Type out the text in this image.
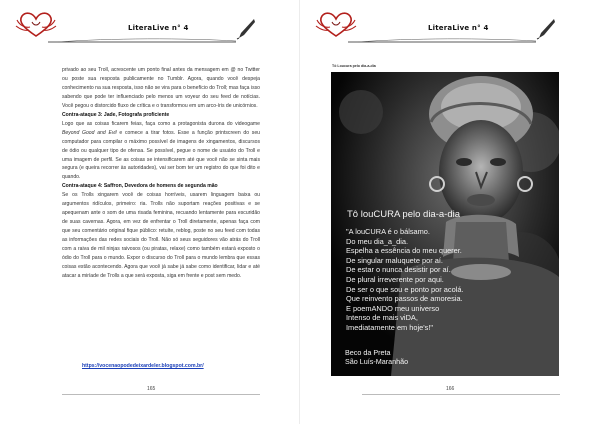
LiteraLive n° 4

privado ao seu Troll, acrescente um ponto final antes da mensagem em @ no Twitter ou poste sua resposta publicamente no Tumblr. Agora, quando você despeja conhecimento na sua resposta, isso não se vira para o benefício do Troll; mas faça isso sabendo que pode ter influenciado pelo menos um voyeur do seu feed de notícias. Você pegou o distorcido fluxo de crítica e o transformou em um arco-íris de unicórnios.

Contra-ataque 3: Jade, Fotografa proficiente

Logo que as coisas ficarem feias, faça como a protagonista durona do videogame Beyond Good and Evil e comece a tirar fotos. Esse a função printscreen do seu computador para compilar o máximo possível de imagens de xingamentos, discursos de ódio ou qualquer tipo de ofensa. Se possível, pegue o nome de usuário do Troll e uma imagem de perfil. Se as coisas se intensificarem até que você não se sinta mais segura (e queira recorrer às autoridades), vai ser bom ter um registro do que foi dito e quando.

Contra-ataque 4: Saffron, Devedora de homens de segunda mão

Se os Trolls xingarem você de coisas horríveis, usarem linguagem baixa ou argumentos ridículos, primeiro: ria. Trolls não suportam reações positivas e se apequenam ante o som de uma risada feminina, recuando lentamente para escuridão de suas cavernas. Agora, em vez de enfrentar o Troll diretamente, apenas faça com que seu comentário original fique público: retuíte, reblog, poste no seu feed com todas as informações das redes sociais do Troll. Não só seus seguidores vão atrás do Troll com a raiva de mil ninjas raivosos (ou piratas, relaxe) como também estará exposto o ódio do Troll para o mundo. Expor o discurso do Troll para o mundo lembra que essas coisas estão acontecendo. Agora que você já sabe já sabe como identificar, lidar e até atacar a miríade de Trolls a que será exposta, siga em frente e post sem medo.

https://vocenaopodedeixardeler.blogspot.com.br/
165
LiteraLive n° 4
Tô Loucura pelo dia-a-dia
Tô louCURA pelo dia-a-dia
"A louCURA é o bálsamo.
Do meu dia_a_dia.
Espelha a essência do meu querer.
De singular maluquete por aí.
De estar o nunca desistir por aí.
De plural irreverente por aqui.
De ser o que sou e ponto por acolá.
Que reinvento passos de amoresia.
E poemANDO meu universo
Intenso de mais viDA,
Imediatamente em hoje's!"
Beco da Preta
São Luís-Maranhão
166
